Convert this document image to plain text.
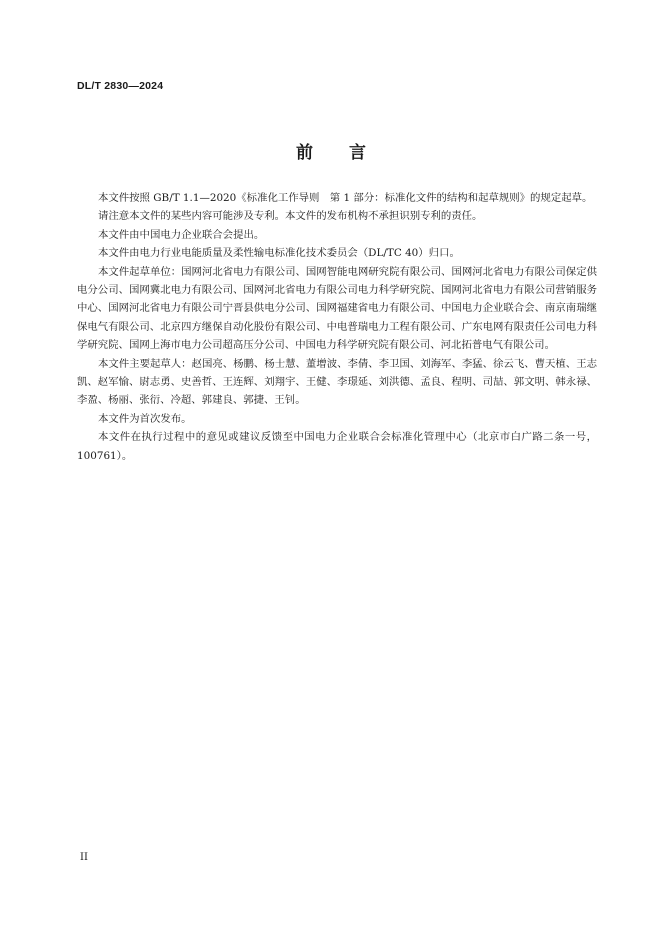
DL/T 2830—2024
前 言

本文件按照 GB/T 1.1—2020《标准化工作导则　第 1 部分：标准化文件的结构和起草规则》的规定起草。

请注意本文件的某些内容可能涉及专利。本文件的发布机构不承担识别专利的责任。

本文件由中国电力企业联合会提出。

本文件由电力行业电能质量及柔性输电标准化技术委员会（DL/TC 40）归口。

本文件起草单位：国网河北省电力有限公司、国网智能电网研究院有限公司、国网河北省电力有限公司保定供电分公司、国网冀北电力有限公司、国网河北省电力有限公司电力科学研究院、国网河北省电力有限公司营销服务中心、国网河北省电力有限公司宁晋县供电分公司、国网福建省电力有限公司、中国电力企业联合会、南京南瑞继保电气有限公司、北京四方继保自动化股份有限公司、中电普瑞电力工程有限公司、广东电网有限责任公司电力科学研究院、国网上海市电力公司超高压分公司、中国电力科学研究院有限公司、河北拓普电气有限公司。

本文件主要起草人：赵国亮、杨鹏、杨士慧、董增波、李倩、李卫国、刘海军、李猛、徐云飞、曹天植、王志凯、赵军愉、尉志勇、史善哲、王连辉、刘翔宇、王健、李璟延、刘洪德、孟良、程明、司喆、郭文明、韩永禄、李盈、杨丽、张衍、冷超、郭建良、郭捷、王钊。

本文件为首次发布。

本文件在执行过程中的意见或建议反馈至中国电力企业联合会标准化管理中心（北京市白广路二条一号，100761）。

II
